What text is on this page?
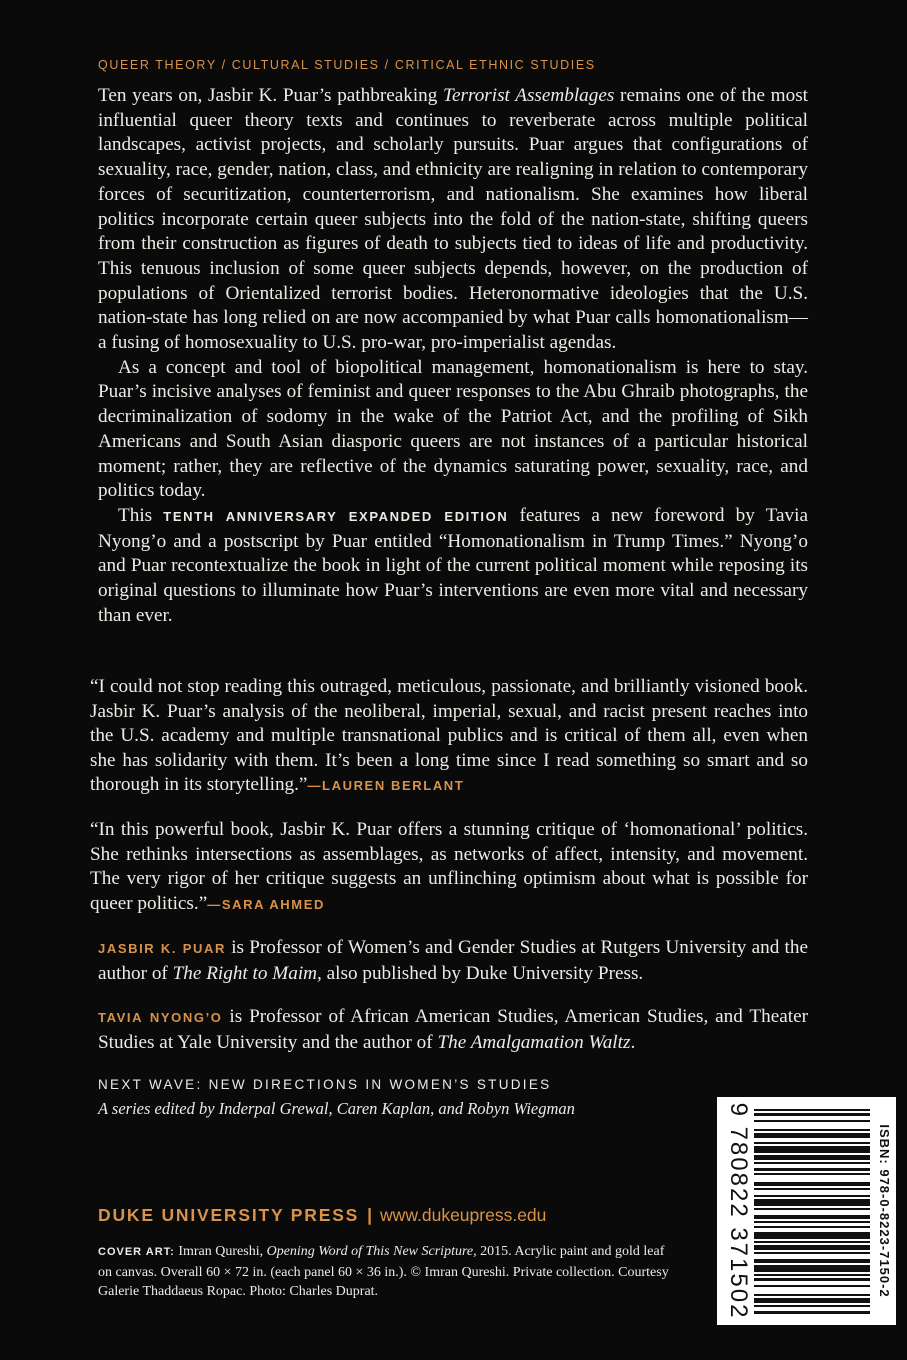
QUEER THEORY / CULTURAL STUDIES / CRITICAL ETHNIC STUDIES

Ten years on, Jasbir K. Puar’s pathbreaking Terrorist Assemblages remains one of the most influential queer theory texts and continues to reverberate across multiple political landscapes, activist projects, and scholarly pursuits. Puar argues that configurations of sexuality, race, gender, nation, class, and ethnicity are realigning in relation to contemporary forces of securitization, counterterrorism, and nationalism. She examines how liberal politics incorporate certain queer subjects into the fold of the nation-state, shifting queers from their construction as figures of death to subjects tied to ideas of life and productivity. This tenuous inclusion of some queer subjects depends, however, on the production of populations of Orientalized terrorist bodies. Heteronormative ideologies that the U.S. nation-state has long relied on are now accompanied by what Puar calls homonationalism—a fusing of homosexuality to U.S. pro-war, pro-imperialist agendas.

As a concept and tool of biopolitical management, homonationalism is here to stay. Puar’s incisive analyses of feminist and queer responses to the Abu Ghraib photographs, the decriminalization of sodomy in the wake of the Patriot Act, and the profiling of Sikh Americans and South Asian diasporic queers are not instances of a particular historical moment; rather, they are reflective of the dynamics saturating power, sexuality, race, and politics today.

This TENTH ANNIVERSARY EXPANDED EDITION features a new foreword by Tavia Nyong’o and a postscript by Puar entitled “Homonationalism in Trump Times.” Nyong’o and Puar recontextualize the book in light of the current political moment while reposing its original questions to illuminate how Puar’s interventions are even more vital and necessary than ever.

“I could not stop reading this outraged, meticulous, passionate, and brilliantly visioned book. Jasbir K. Puar’s analysis of the neoliberal, imperial, sexual, and racist present reaches into the U.S. academy and multiple transnational publics and is critical of them all, even when she has solidarity with them. It’s been a long time since I read something so smart and so thorough in its storytelling.”—LAUREN BERLANT

“In this powerful book, Jasbir K. Puar offers a stunning critique of ‘homonational’ politics. She rethinks intersections as assemblages, as networks of affect, intensity, and movement. The very rigor of her critique suggests an unflinching optimism about what is possible for queer politics.”—SARA AHMED

JASBIR K. PUAR is Professor of Women’s and Gender Studies at Rutgers University and the author of The Right to Maim, also published by Duke University Press.

TAVIA NYONG’O is Professor of African American Studies, American Studies, and Theater Studies at Yale University and the author of The Amalgamation Waltz.

NEXT WAVE: NEW DIRECTIONS IN WOMEN’S STUDIES
A series edited by Inderpal Grewal, Caren Kaplan, and Robyn Wiegman
DUKE UNIVERSITY PRESS | www.dukeupress.edu
COVER ART: Imran Qureshi, Opening Word of This New Scripture, 2015. Acrylic paint and gold leaf on canvas. Overall 60 × 72 in. (each panel 60 × 36 in.). © Imran Qureshi. Private collection. Courtesy Galerie Thaddaeus Ropac. Photo: Charles Duprat.	ISBN: 978-0-8223-7150-2
9 780822 371502
